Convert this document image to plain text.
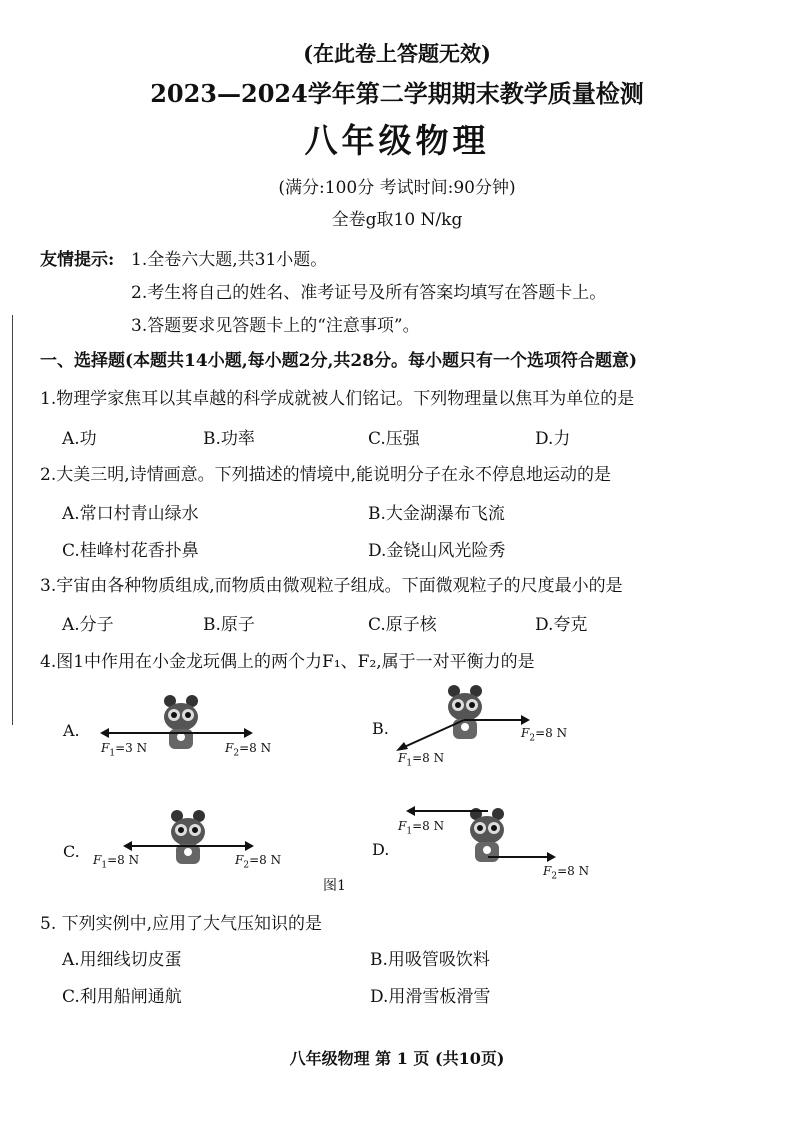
(在此卷上答题无效)
2023—2024学年第二学期期末教学质量检测
八年级物理
(满分:100分 考试时间:90分钟)
全卷g取10 N/kg
友情提示: 1.全卷六大题,共31小题。
2.考生将自己的姓名、准考证号及所有答案均填写在答题卡上。
3.答题要求见答题卡上的“注意事项”。
一、选择题(本题共14小题,每小题2分,共28分。每小题只有一个选项符合题意)
1.物理学家焦耳以其卓越的科学成就被人们铭记。下列物理量以焦耳为单位的是
A.功	B.功率	C.压强	D.力
2.大美三明,诗情画意。下列描述的情境中,能说明分子在永不停息地运动的是
A.常口村青山绿水	B.大金湖瀑布飞流
C.桂峰村花香扑鼻	D.金铙山风光险秀
3.宇宙由各种物质组成,而物质由微观粒子组成。下面微观粒子的尺度最小的是
A.分子	B.原子	C.原子核	D.夸克
4.图1中作用在小金龙玩偶上的两个力F₁、F₂,属于一对平衡力的是
A.
$F_1=3$ N	$F_2=8$ N
B.
$F_1=8$ N
$F_2=8$ N
C. $F_1=8$ N	$F_2=8$ N
D.
$F_1=8$ N
$F_2=8$ N
图1
5. 下列实例中,应用了大气压知识的是
A.用细线切皮蛋	B.用吸管吸饮料
C.利用船闸通航	D.用滑雪板滑雪
八年级物理 第 1 页 (共10页)
